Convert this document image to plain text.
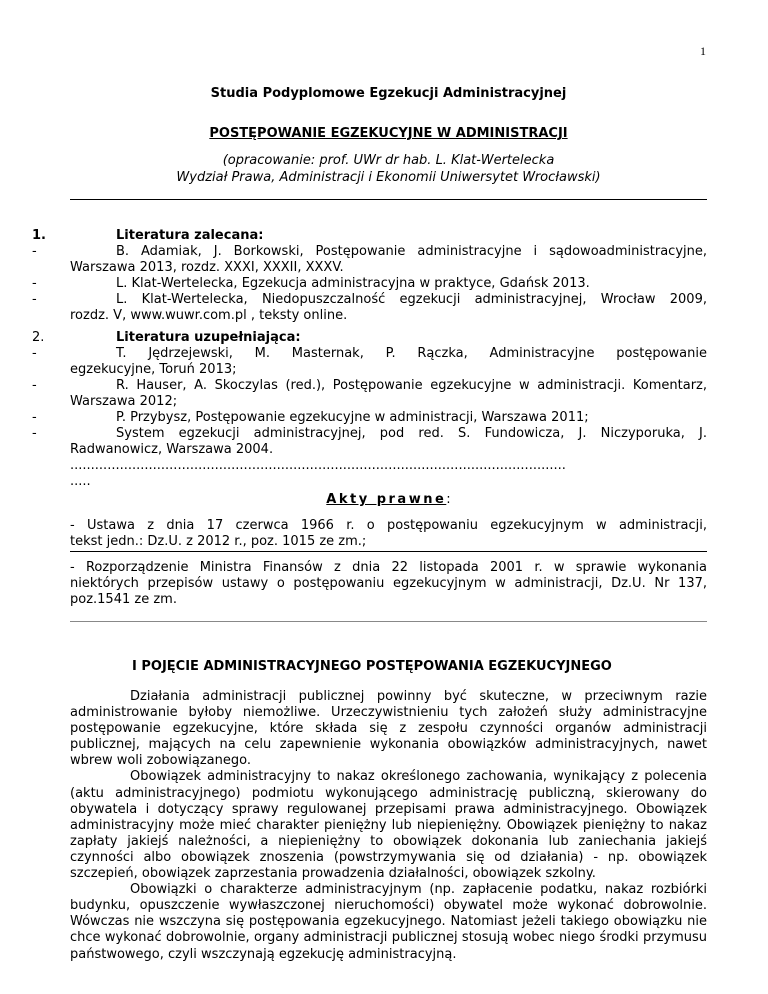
1
Studia Podyplomowe Egzekucji Administracyjnej
POSTĘPOWANIE EGZEKUCYJNE W ADMINISTRACJI
(opracowanie: prof. UWr dr hab. L. Klat-Wertelecka
Wydział Prawa, Administracji i Ekonomii Uniwersytet Wrocławski)
1.	Literatura zalecana:
-	B. Adamiak, J. Borkowski, Postępowanie administracyjne i sądowoadministracyjne,
Warszawa 2013, rozdz. XXXI, XXXII, XXXV.
-	L. Klat-Wertelecka, Egzekucja administracyjna w praktyce, Gdańsk 2013.
-	L. Klat-Wertelecka, Niedopuszczalność egzekucji administracyjnej, Wrocław 2009,
rozdz. V, www.wuwr.com.pl , teksty online.
2.	Literatura uzupełniająca:
-	T. Jędrzejewski, M. Masternak, P. Rączka, Administracyjne postępowanie
egzekucyjne, Toruń 2013;
-	R. Hauser, A. Skoczylas (red.), Postępowanie egzekucyjne w administracji. Komentarz,
Warszawa 2012;
-	P. Przybysz, Postępowanie egzekucyjne w administracji, Warszawa 2011;
-	System egzekucji administracyjnej, pod red. S. Fundowicza, J. Niczyporuka, J.
Radwanowicz, Warszawa 2004.
........................................................................................................................
.....
Akty prawne:
- Ustawa z dnia 17 czerwca 1966 r. o postępowaniu egzekucyjnym w administracji,
tekst jedn.: Dz.U. z 2012 r., poz. 1015 ze zm.;
- Rozporządzenie Ministra Finansów z dnia 22 listopada 2001 r. w sprawie wykonania
niektórych przepisów ustawy o postępowaniu egzekucyjnym w administracji, Dz.U. Nr 137,
poz.1541 ze zm.
I POJĘCIE ADMINISTRACYJNEGO POSTĘPOWANIA EGZEKUCYJNEGO

Działania administracji publicznej powinny być skuteczne, w przeciwnym razie administrowanie byłoby niemożliwe. Urzeczywistnieniu tych założeń służy administracyjne postępowanie egzekucyjne, które składa się z zespołu czynności organów administracji publicznej, mających na celu zapewnienie wykonania obowiązków administracyjnych, nawet wbrew woli zobowiązanego.

Obowiązek administracyjny to nakaz określonego zachowania, wynikający z polecenia (aktu administracyjnego) podmiotu wykonującego administrację publiczną, skierowany do obywatela i dotyczący sprawy regulowanej przepisami prawa administracyjnego. Obowiązek administracyjny może mieć charakter pieniężny lub niepieniężny. Obowiązek pieniężny to nakaz zapłaty jakiejś należności, a niepieniężny to obowiązek dokonania lub zaniechania jakiejś czynności albo obowiązek znoszenia (powstrzymywania się od działania) - np. obowiązek szczepień, obowiązek zaprzestania prowadzenia działalności, obowiązek szkolny.

Obowiązki o charakterze administracyjnym (np. zapłacenie podatku, nakaz rozbiórki budynku, opuszczenie wywłaszczonej nieruchomości) obywatel może wykonać dobrowolnie. Wówczas nie wszczyna się postępowania egzekucyjnego. Natomiast jeżeli takiego obowiązku nie chce wykonać dobrowolnie, organy administracji publicznej stosują wobec niego środki przymusu państwowego, czyli wszczynają egzekucję administracyjną.
